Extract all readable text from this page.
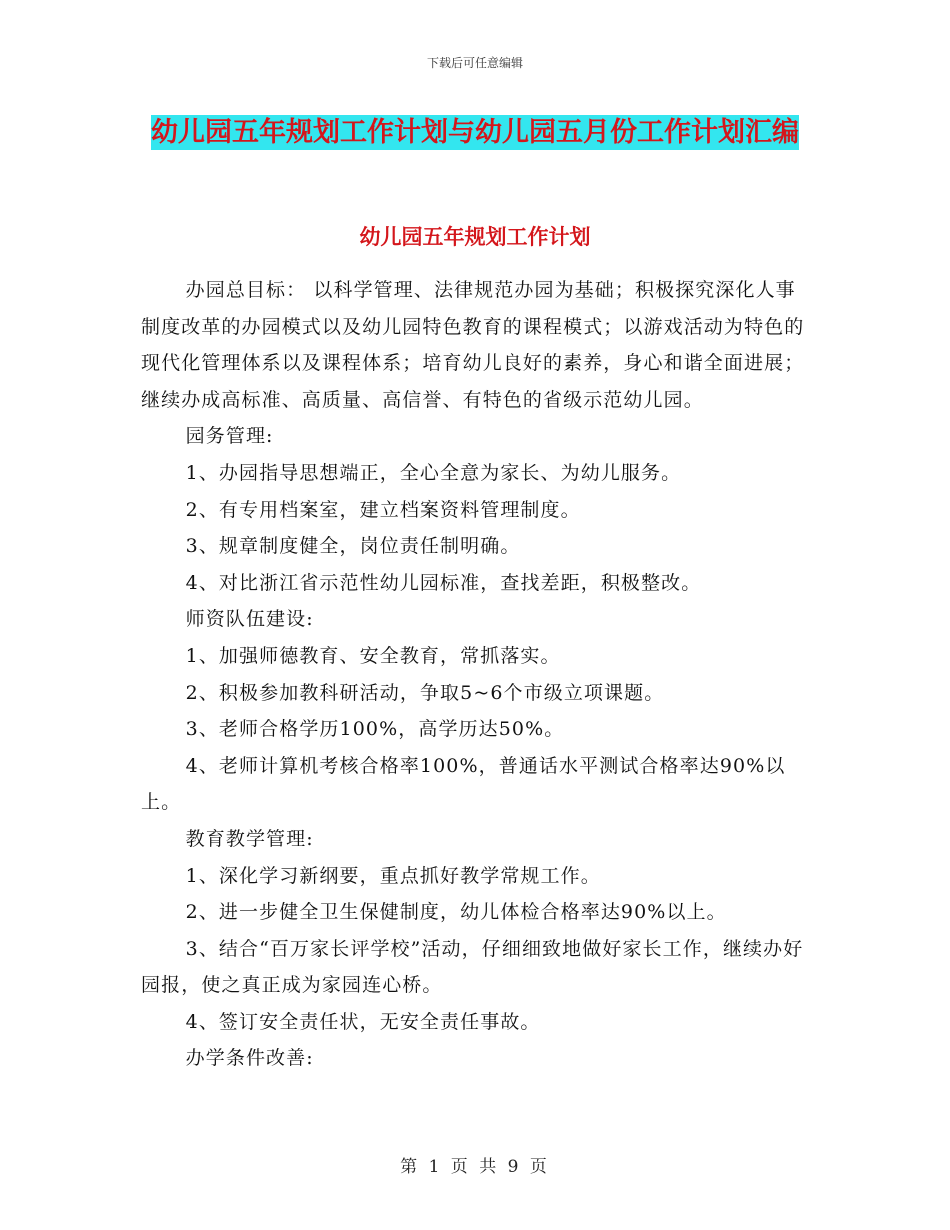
下载后可任意编辑
幼儿园五年规划工作计划与幼儿园五月份工作计划汇编
幼儿园五年规划工作计划

办园总目标： 以科学管理、法律规范办园为基础；积极探究深化人事制度改革的办园模式以及幼儿园特色教育的课程模式；以游戏活动为特色的现代化管理体系以及课程体系；培育幼儿良好的素养，身心和谐全面进展；继续办成高标准、高质量、高信誉、有特色的省级示范幼儿园。

园务管理:

1、办园指导思想端正，全心全意为家长、为幼儿服务。

2、有专用档案室，建立档案资料管理制度。

3、规章制度健全，岗位责任制明确。

4、对比浙江省示范性幼儿园标准，查找差距，积极整改。

师资队伍建设:

1、加强师德教育、安全教育，常抓落实。

2、积极参加教科研活动，争取5~6个市级立项课题。

3、老师合格学历100%，高学历达50%。

4、老师计算机考核合格率100%，普通话水平测试合格率达90%以上。

教育教学管理:

1、深化学习新纲要，重点抓好教学常规工作。

2、进一步健全卫生保健制度，幼儿体检合格率达90%以上。

3、结合“百万家长评学校”活动，仔细细致地做好家长工作，继续办好园报，使之真正成为家园连心桥。

4、签订安全责任状，无安全责任事故。

办学条件改善:

第 1 页 共 9 页
